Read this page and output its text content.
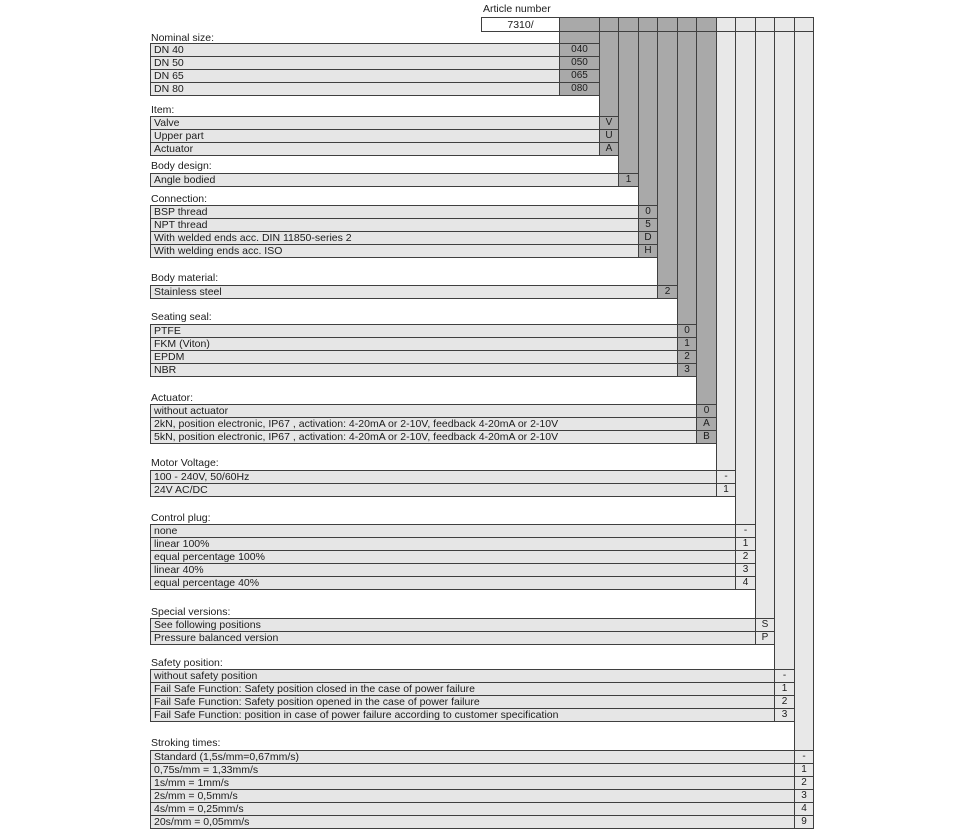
Article number
7310/
Nominal size:
DN 40	040
DN 50	050
DN 65	065
DN 80	080
Item:
Valve	V
Upper part	U
Actuator	A
Body design:
Angle bodied	1
Connection:
BSP thread	0
NPT thread	5
With welded ends acc. DIN 11850-series 2	D
With welding ends acc. ISO	H
Body material:
Stainless steel	2
Seating seal:
PTFE	0
FKM (Viton)	1
EPDM	2
NBR	3
Actuator:
without actuator	0
2kN, position electronic, IP67 , activation: 4-20mA or 2-10V, feedback 4-20mA or 2-10V	A
5kN, position electronic, IP67 , activation: 4-20mA or 2-10V, feedback 4-20mA or 2-10V	B
Motor Voltage:
100 - 240V, 50/60Hz	-
24V AC/DC	1
Control plug:
none	-
linear 100%	1
equal percentage 100%	2
linear 40%	3
equal percentage 40%	4
Special versions:
See following positions	S
Pressure balanced version	P
Safety position:
without safety position	-
Fail Safe Function: Safety position closed in the case of power failure	1
Fail Safe Function: Safety position opened in the case of power failure	2
Fail Safe Function: position in case of power failure according to customer specification	3
Stroking times:
Standard (1,5s/mm=0,67mm/s)	-
0,75s/mm = 1,33mm/s	1
1s/mm = 1mm/s	2
2s/mm = 0,5mm/s	3
4s/mm = 0,25mm/s	4
20s/mm = 0,05mm/s	9
